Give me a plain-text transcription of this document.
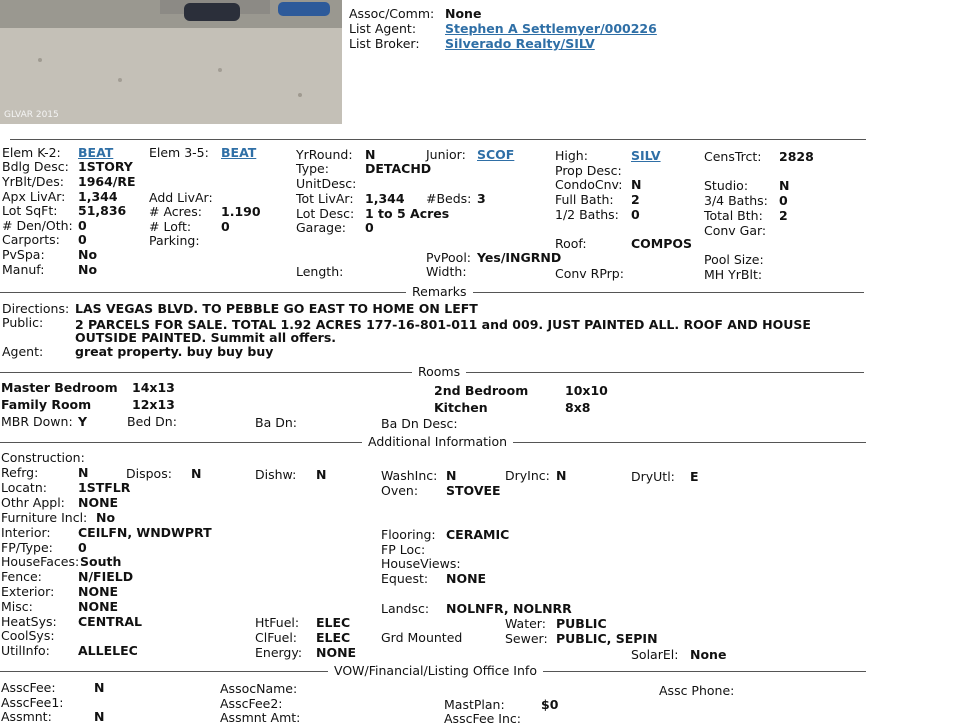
GLVAR 2015
Assoc/Comm: None
List Agent: Stephen A Settlemyer/000226
List Broker: Silverado Realty/SILV
Elem K-2: BEAT	Elem 3-5: BEAT	YrRound: N	Junior: SCOF	High:	SILV	CensTrct: 2828
Bdlg Desc: 1STORY	Type:	DETACHD	Prop Desc:
YrBlt/Des: 1964/RE	UnitDesc:	CondoCnv: N	Studio: N
Apx LivAr: 1,344	Add LivAr:	Tot LivAr: 1,344 #Beds: 3	Full Bath: 2	3/4 Baths: 0
Lot SqFt: 51,836 # Acres: 1.190	Lot Desc: 1 to 5 Acres	1/2 Baths: 0	Total Bth: 2
# Den/Oth: 0	# Loft: 0	Garage: 0	Conv Gar:
Carports: 0	Parking:	Roof:	COMPOS
PvSpa:	No	PvPool: Yes/INGRND	Pool Size:
Manuf:	No	Length:	Width:	Conv RPrp:	MH YrBlt:
Remarks
Directions: LAS VEGAS BLVD. TO PEBBLE GO EAST TO HOME ON LEFT
Public:	2 PARCELS FOR SALE. TOTAL 1.92 ACRES 177-16-801-011 and 009. JUST PAINTED ALL. ROOF AND HOUSE
OUTSIDE PAINTED. Summit all offers.
Agent:	great property. buy buy buy
Rooms
Master Bedroom 14x13	2nd Bedroom	10x10
Family Room	12x13	Kitchen	8x8
MBR Down: Y	Bed Dn:	Ba Dn:	Ba Dn Desc:
Additional Information
Construction:
Refrg:	N	Dispos: N	Dishw: N	WashInc: N	DryInc: N	DryUtl: E
Locatn: 1STFLR	Oven: STOVEE
Othr Appl: NONE
Furniture Incl: No
Interior: CEILFN, WNDWPRT	Flooring: CERAMIC
FP/Type: 0	FP Loc:
HouseFaces: South	HouseViews:
Fence:	N/FIELD	Equest: NONE
Exterior: NONE
Misc:	NONE	Landsc: NOLNFR, NOLNRR
HeatSys: CENTRAL	HtFuel: ELEC	Water: PUBLIC
CoolSys:	ClFuel: ELEC Grd Mounted	Sewer: PUBLIC, SEPIN
UtilInfo: ALLELEC	Energy: NONE	SolarEl: None
VOW/Financial/Listing Office Info
AsscFee:	N	AssocName:	Assc Phone:
AsscFee1:	AsscFee2:	MastPlan:	$0
Assmnt:	N	Assmnt Amt:	AsscFee Inc:
